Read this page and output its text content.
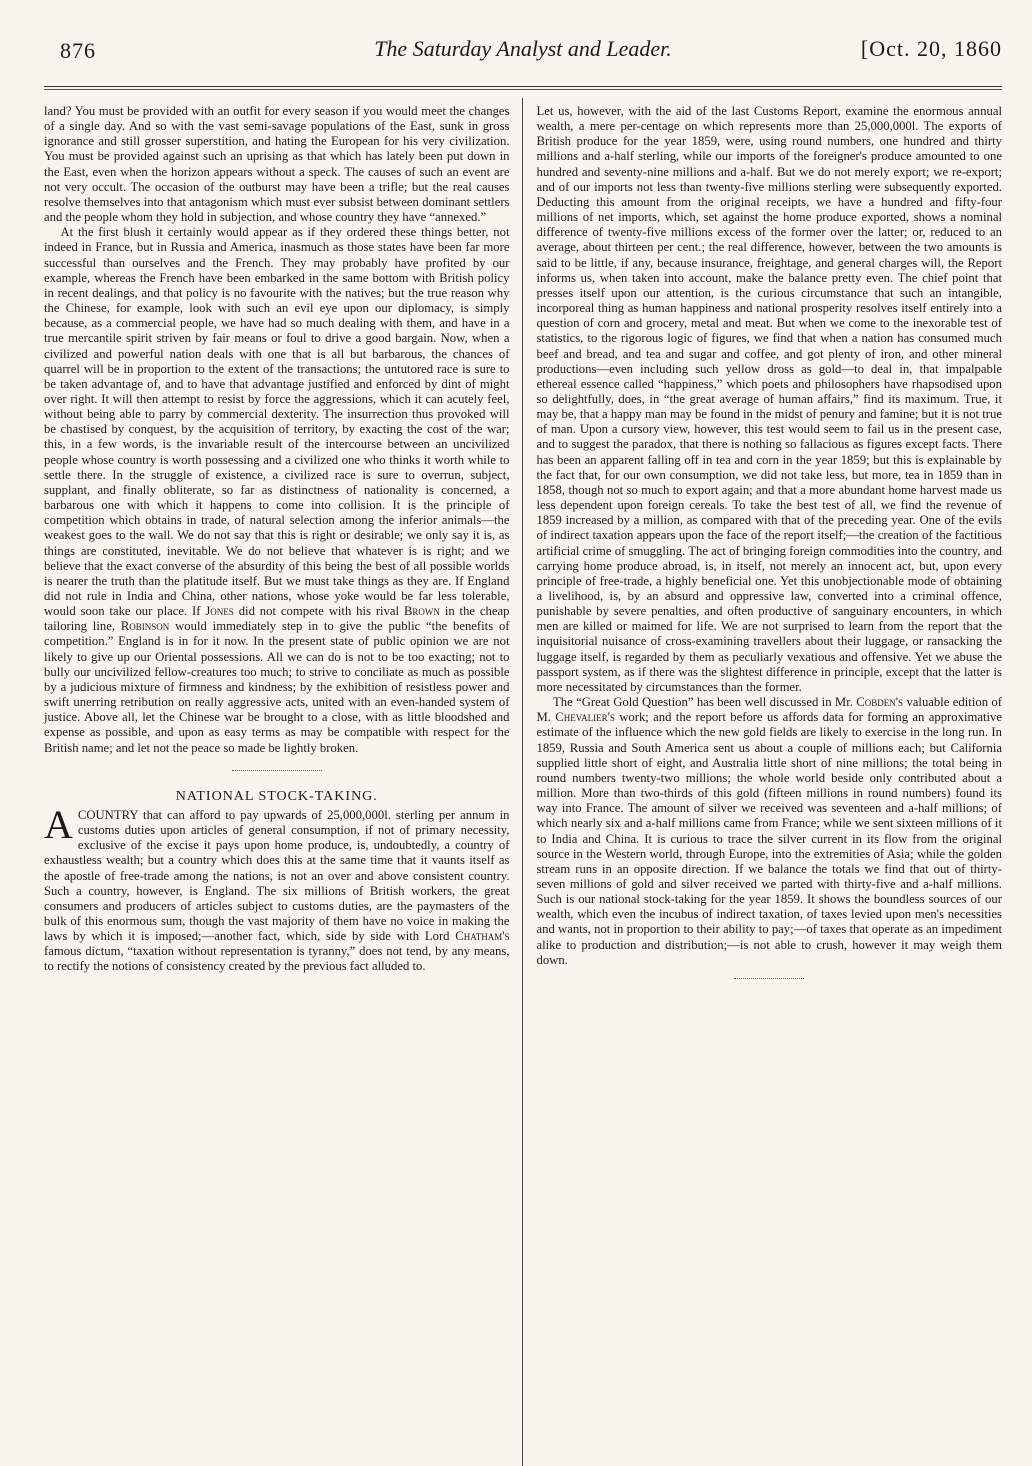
876	The Saturday Analyst and Leader.	[Oct. 20, 1860

land? You must be provided with an outfit for every season if you would meet the changes of a single day. And so with the vast semi-savage populations of the East, sunk in gross ignorance and still grosser superstition, and hating the European for his very civilization. You must be provided against such an uprising as that which has lately been put down in the East, even when the horizon appears without a speck. The causes of such an event are not very occult. The occasion of the outburst may have been a trifle; but the real causes resolve themselves into that antagonism which must ever subsist between dominant settlers and the people whom they hold in subjection, and whose country they have “annexed.”

At the first blush it certainly would appear as if they ordered these things better, not indeed in France, but in Russia and America, inasmuch as those states have been far more successful than ourselves and the French. They may probably have profited by our example, whereas the French have been embarked in the same bottom with British policy in recent dealings, and that policy is no favourite with the natives; but the true reason why the Chinese, for example, look with such an evil eye upon our diplomacy, is simply because, as a commercial people, we have had so much dealing with them, and have in a true mercantile spirit striven by fair means or foul to drive a good bargain. Now, when a civilized and powerful nation deals with one that is all but barbarous, the chances of quarrel will be in proportion to the extent of the transactions; the untutored race is sure to be taken advantage of, and to have that advantage justified and enforced by dint of might over right. It will then attempt to resist by force the aggressions, which it can acutely feel, without being able to parry by commercial dexterity. The insurrection thus provoked will be chastised by conquest, by the acquisition of territory, by exacting the cost of the war; this, in a few words, is the invariable result of the intercourse between an uncivilized people whose country is worth possessing and a civilized one who thinks it worth while to settle there. In the struggle of existence, a civilized race is sure to overrun, subject, supplant, and finally obliterate, so far as distinctness of nationality is concerned, a barbarous one with which it happens to come into collision. It is the principle of competition which obtains in trade, of natural selection among the inferior animals—the weakest goes to the wall. We do not say that this is right or desirable; we only say it is, as things are constituted, inevitable. We do not believe that whatever is is right; and we believe that the exact converse of the absurdity of this being the best of all possible worlds is nearer the truth than the platitude itself. But we must take things as they are. If England did not rule in India and China, other nations, whose yoke would be far less tolerable, would soon take our place. If Jones did not compete with his rival Brown in the cheap tailoring line, Robinson would immediately step in to give the public “the benefits of competition.” England is in for it now. In the present state of public opinion we are not likely to give up our Oriental possessions. All we can do is not to be too exacting; not to bully our uncivilized fellow-creatures too much; to strive to conciliate as much as possible by a judicious mixture of firmness and kindness; by the exhibition of resistless power and swift unerring retribution on really aggressive acts, united with an even-handed system of justice. Above all, let the Chinese war be brought to a close, with as little bloodshed and expense as possible, and upon as easy terms as may be compatible with respect for the British name; and let not the peace so made be lightly broken.

NATIONAL STOCK-TAKING.

ACOUNTRY that can afford to pay upwards of 25,000,000l. sterling per annum in customs duties upon articles of general consumption, if not of primary necessity, exclusive of the excise it pays upon home produce, is, undoubtedly, a country of exhaustless wealth; but a country which does this at the same time that it vaunts itself as the apostle of free-trade among the nations, is not an over and above consistent country. Such a country, however, is England. The six millions of British workers, the great consumers and producers of articles subject to customs duties, are the paymasters of the bulk of this enormous sum, though the vast majority of them have no voice in making the laws by which it is imposed;—another fact, which, side by side with Lord Chatham's famous dictum, “taxation without representation is tyranny,” does not tend, by any means, to rectify the notions of consistency created by the previous fact alluded to.

Let us, however, with the aid of the last Customs Report, examine the enormous annual wealth, a mere per-centage on which represents more than 25,000,000l. The exports of British produce for the year 1859, were, using round numbers, one hundred and thirty millions and a-half sterling, while our imports of the foreigner's produce amounted to one hundred and seventy-nine millions and a-half. But we do not merely export; we re-export; and of our imports not less than twenty-five millions sterling were subsequently exported. Deducting this amount from the original receipts, we have a hundred and fifty-four millions of net imports, which, set against the home produce exported, shows a nominal difference of twenty-five millions excess of the former over the latter; or, reduced to an average, about thirteen per cent.; the real difference, however, between the two amounts is said to be little, if any, because insurance, freightage, and general charges will, the Report informs us, when taken into account, make the balance pretty even. The chief point that presses itself upon our attention, is the curious circumstance that such an intangible, incorporeal thing as human happiness and national prosperity resolves itself entirely into a question of corn and grocery, metal and meat. But when we come to the inexorable test of statistics, to the rigorous logic of figures, we find that when a nation has consumed much beef and bread, and tea and sugar and coffee, and got plenty of iron, and other mineral productions—even including such yellow dross as gold—to deal in, that impalpable ethereal essence called “happiness,” which poets and philosophers have rhapsodised upon so delightfully, does, in “the great average of human affairs,” find its maximum. True, it may be, that a happy man may be found in the midst of penury and famine; but it is not true of man. Upon a cursory view, however, this test would seem to fail us in the present case, and to suggest the paradox, that there is nothing so fallacious as figures except facts. There has been an apparent falling off in tea and corn in the year 1859; but this is explainable by the fact that, for our own consumption, we did not take less, but more, tea in 1859 than in 1858, though not so much to export again; and that a more abundant home harvest made us less dependent upon foreign cereals. To take the best test of all, we find the revenue of 1859 increased by a million, as compared with that of the preceding year. One of the evils of indirect taxation appears upon the face of the report itself;—the creation of the factitious artificial crime of smuggling. The act of bringing foreign commodities into the country, and carrying home produce abroad, is, in itself, not merely an innocent act, but, upon every principle of free-trade, a highly beneficial one. Yet this unobjectionable mode of obtaining a livelihood, is, by an absurd and oppressive law, converted into a criminal offence, punishable by severe penalties, and often productive of sanguinary encounters, in which men are killed or maimed for life. We are not surprised to learn from the report that the inquisitorial nuisance of cross-examining travellers about their luggage, or ransacking the luggage itself, is regarded by them as peculiarly vexatious and offensive. Yet we abuse the passport system, as if there was the slightest difference in principle, except that the latter is more necessitated by circumstances than the former.

The “Great Gold Question” has been well discussed in Mr. Cobden's valuable edition of M. Chevalier's work; and the report before us affords data for forming an approximative estimate of the influence which the new gold fields are likely to exercise in the long run. In 1859, Russia and South America sent us about a couple of millions each; but California supplied little short of eight, and Australia little short of nine millions; the total being in round numbers twenty-two millions; the whole world beside only contributed about a million. More than two-thirds of this gold (fifteen millions in round numbers) found its way into France. The amount of silver we received was seventeen and a-half millions; of which nearly six and a-half millions came from France; while we sent sixteen millions of it to India and China. It is curious to trace the silver current in its flow from the original source in the Western world, through Europe, into the extremities of Asia; while the golden stream runs in an opposite direction. If we balance the totals we find that out of thirty-seven millions of gold and silver received we parted with thirty-five and a-half millions. Such is our national stock-taking for the year 1859. It shows the boundless sources of our wealth, which even the incubus of indirect taxation, of taxes levied upon men's necessities and wants, not in proportion to their ability to pay;—of taxes that operate as an impediment alike to production and distribution;—is not able to crush, however it may weigh them down.
